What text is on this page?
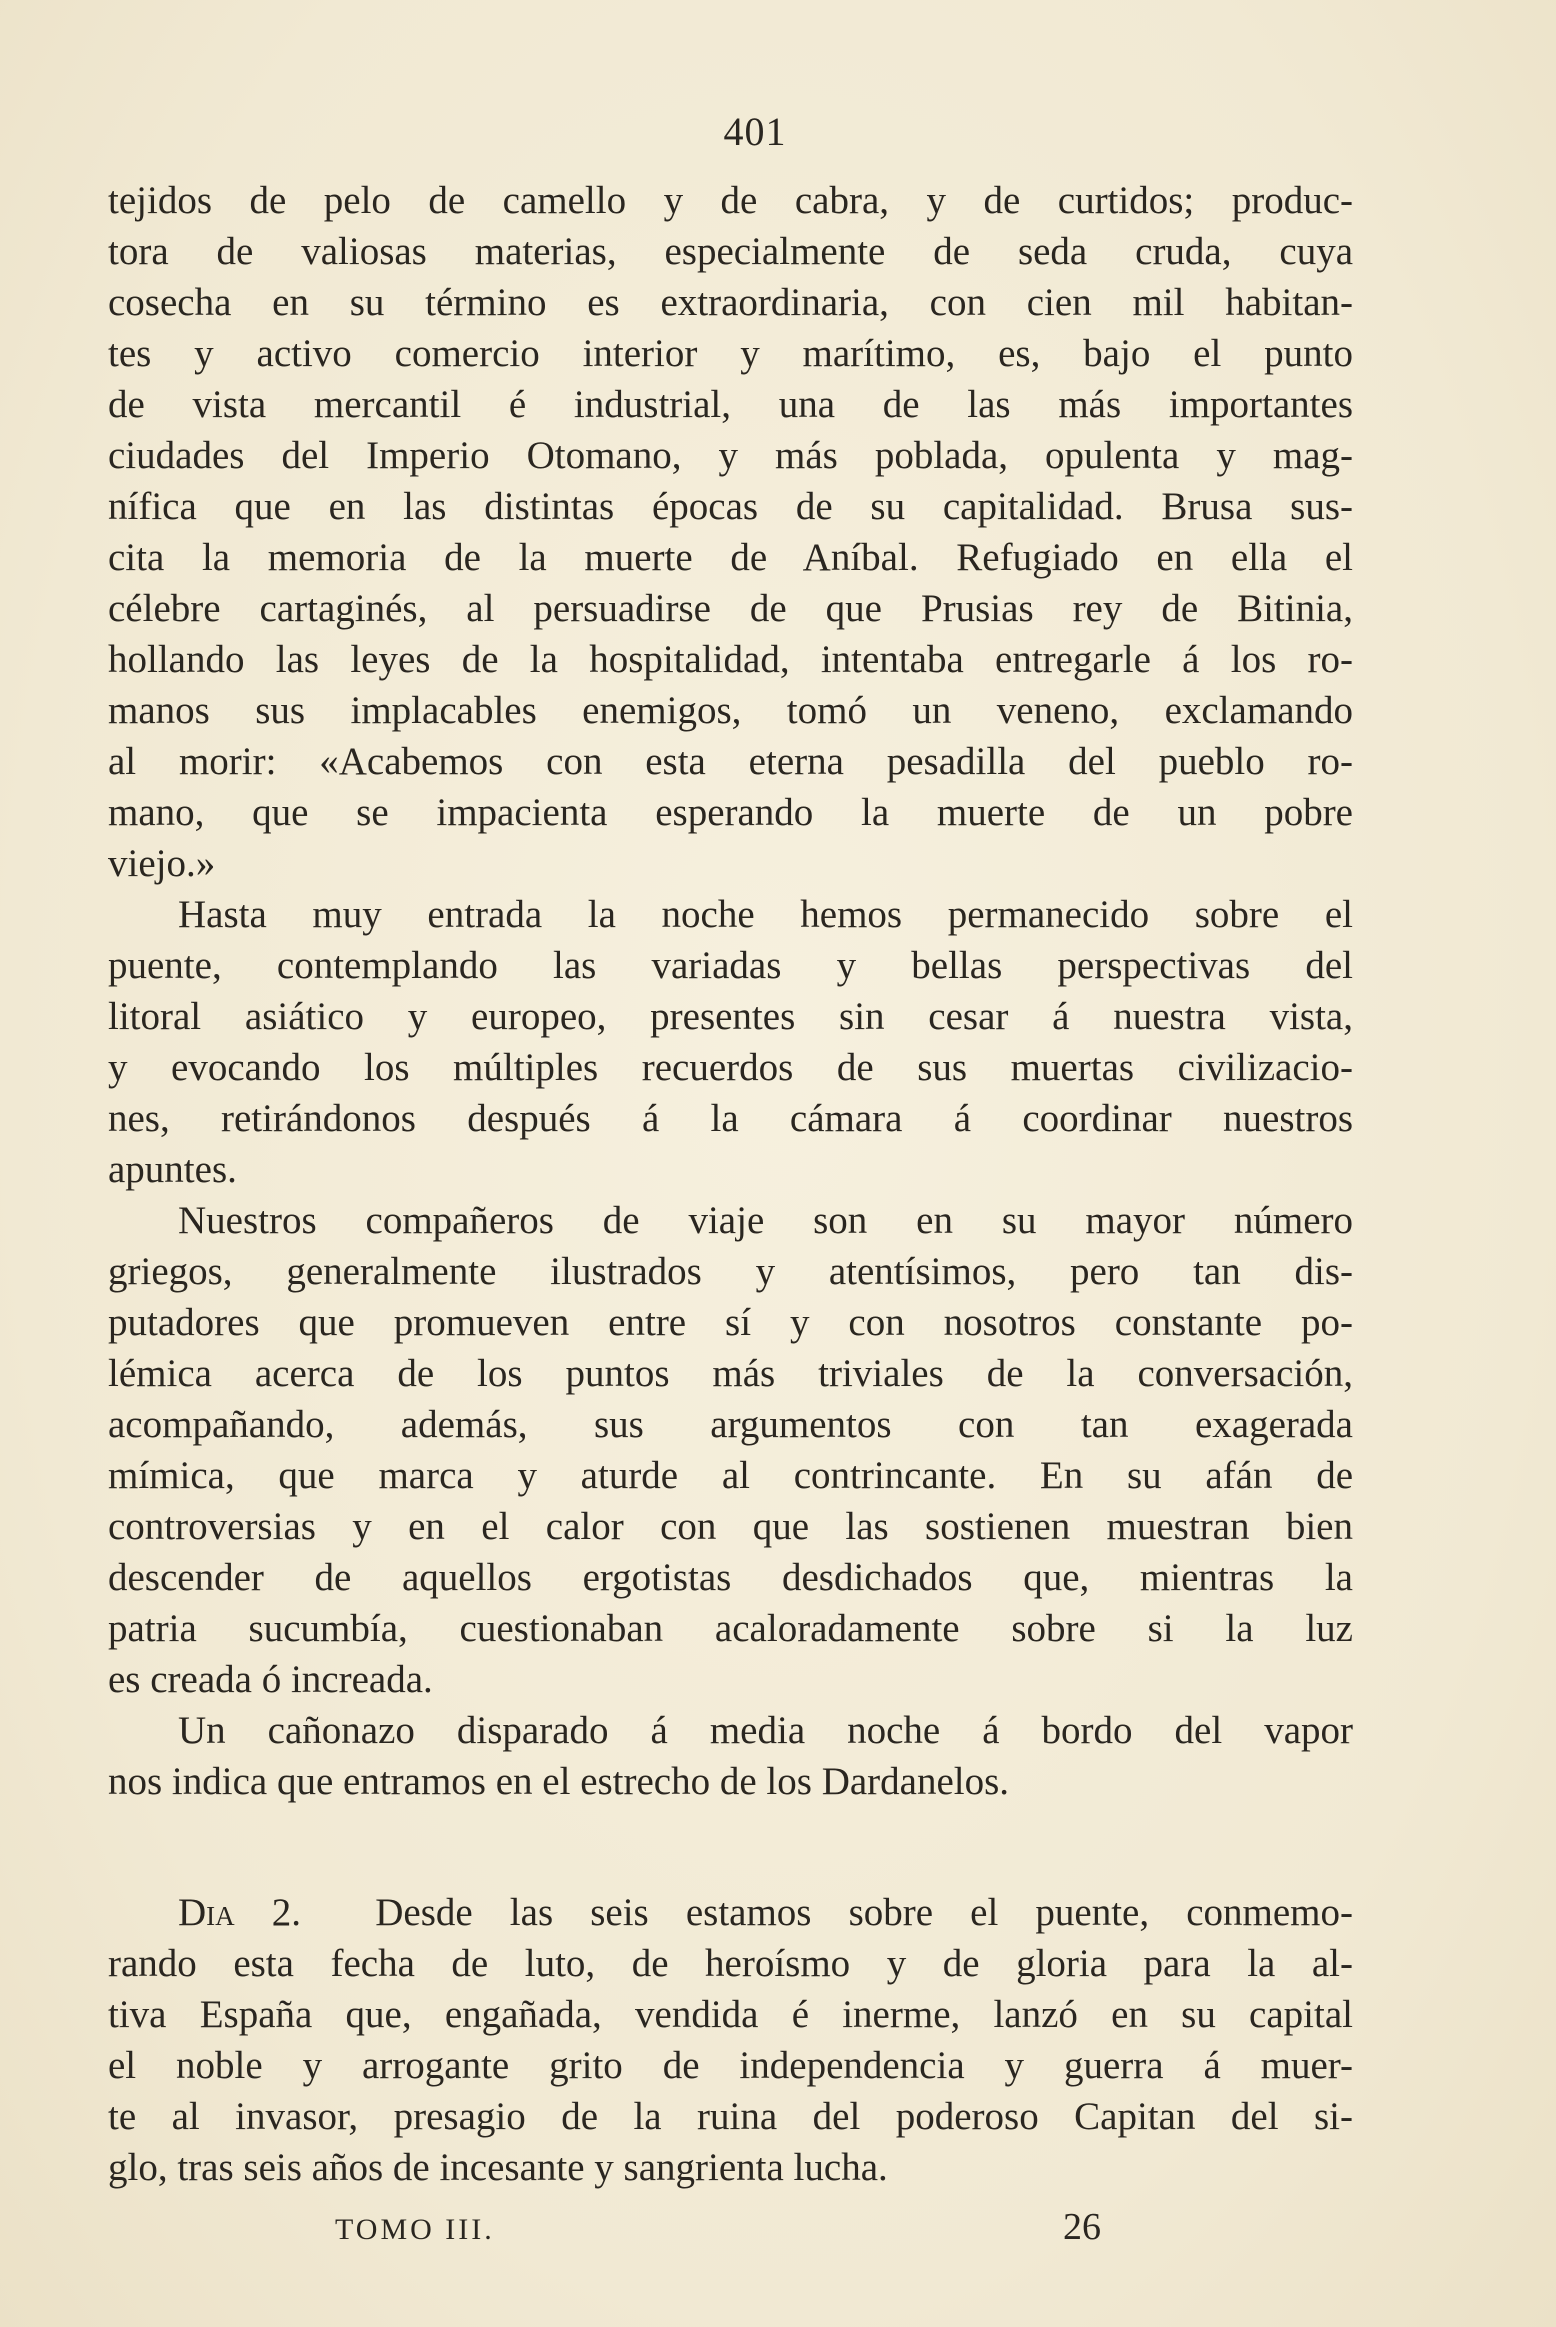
401
tejidos de pelo de camello y de cabra, y de curtidos; produc-
tora de valiosas materias, especialmente de seda cruda, cuya
cosecha en su término es extraordinaria, con cien mil habitan-
tes y activo comercio interior y marítimo, es, bajo el punto
de vista mercantil é industrial, una de las más importantes
ciudades del Imperio Otomano, y más poblada, opulenta y mag-
nífica que en las distintas épocas de su capitalidad. Brusa sus-
cita la memoria de la muerte de Aníbal. Refugiado en ella el
célebre cartaginés, al persuadirse de que Prusias rey de Bitinia,
hollando las leyes de la hospitalidad, intentaba entregarle á los ro-
manos sus implacables enemigos, tomó un veneno, exclamando
al morir: «Acabemos con esta eterna pesadilla del pueblo ro-
mano, que se impacienta esperando la muerte de un pobre
viejo.»
Hasta muy entrada la noche hemos permanecido sobre el
puente, contemplando las variadas y bellas perspectivas del
litoral asiático y europeo, presentes sin cesar á nuestra vista,
y evocando los múltiples recuerdos de sus muertas civilizacio-
nes, retirándonos después á la cámara á coordinar nuestros
apuntes.
Nuestros compañeros de viaje son en su mayor número
griegos, generalmente ilustrados y atentísimos, pero tan dis-
putadores que promueven entre sí y con nosotros constante po-
lémica acerca de los puntos más triviales de la conversación,
acompañando, además, sus argumentos con tan exagerada
mímica, que marca y aturde al contrincante. En su afán de
controversias y en el calor con que las sostienen muestran bien
descender de aquellos ergotistas desdichados que, mientras la
patria sucumbía, cuestionaban acaloradamente sobre si la luz
es creada ó increada.
Un cañonazo disparado á media noche á bordo del vapor
nos indica que entramos en el estrecho de los Dardanelos.
Dia 2. Desde las seis estamos sobre el puente, conmemo-
rando esta fecha de luto, de heroísmo y de gloria para la al-
tiva España que, engañada, vendida é inerme, lanzó en su capital
el noble y arrogante grito de independencia y guerra á muer-
te al invasor, presagio de la ruina del poderoso Capitan del si-
glo, tras seis años de incesante y sangrienta lucha.
TOMO III.	26
